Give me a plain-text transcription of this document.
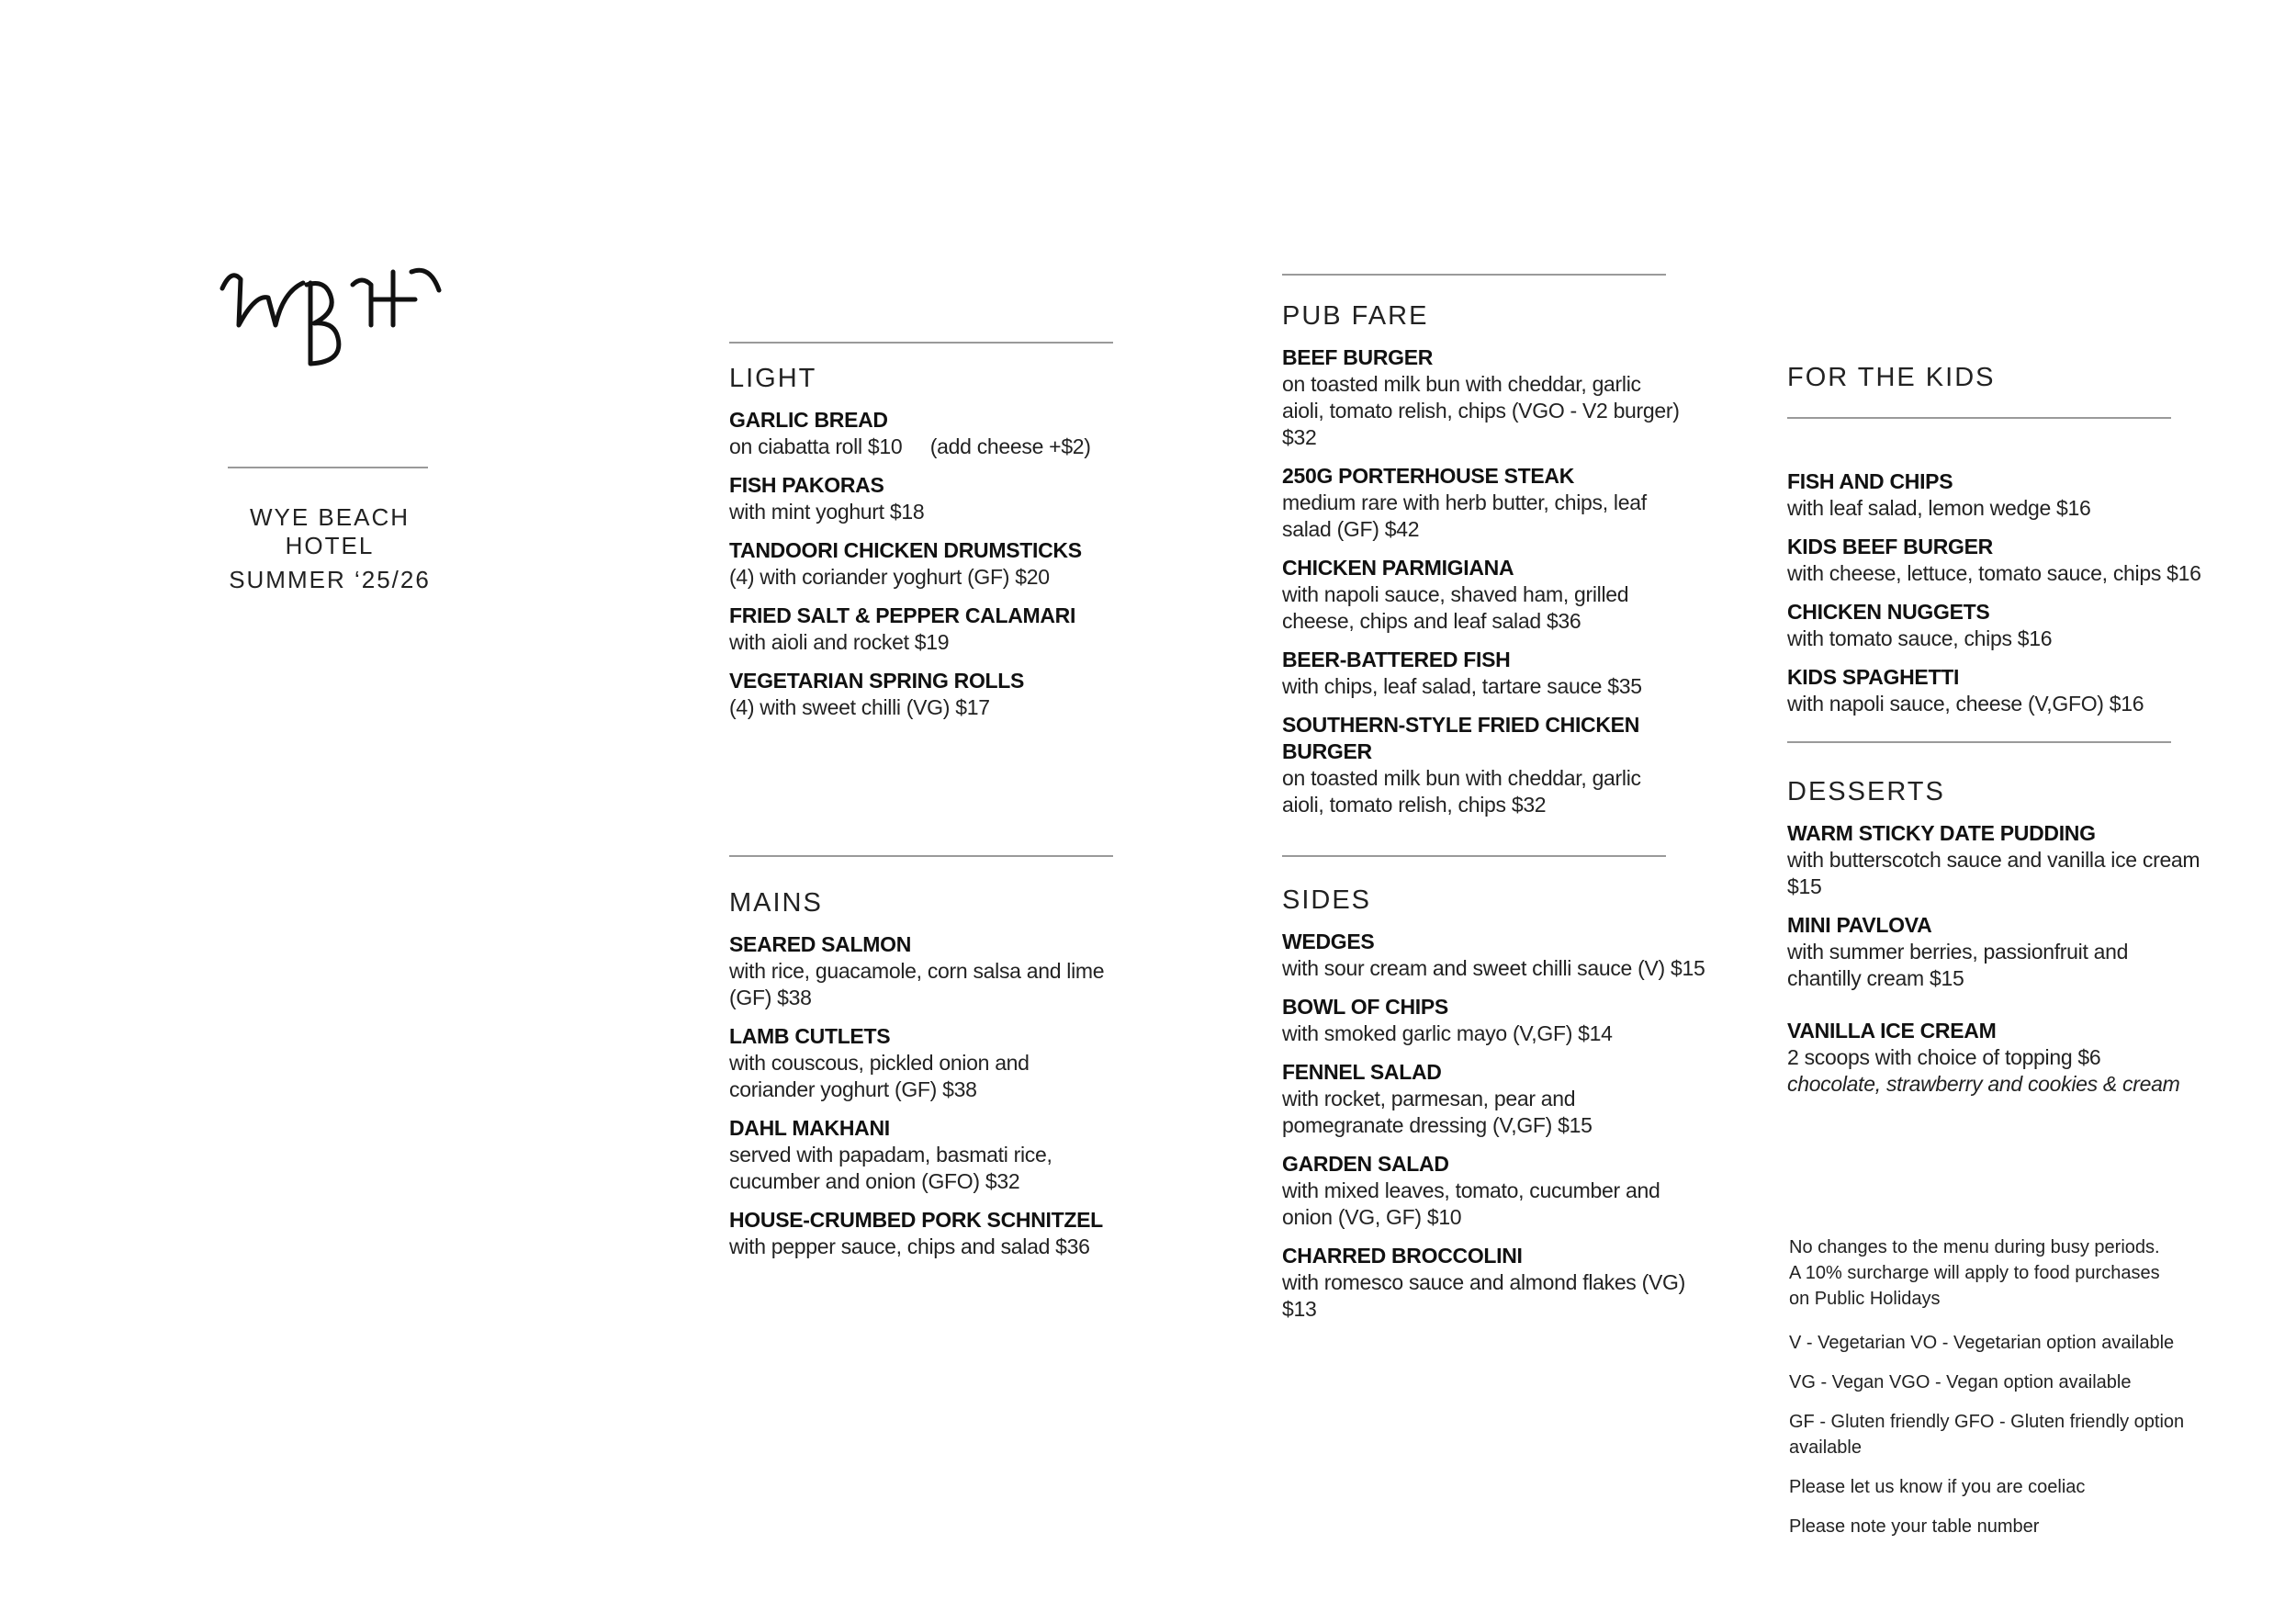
WYE BEACH HOTEL
SUMMER ‘25/26
LIGHT
GARLIC BREAD
on ciabatta roll $10     (add cheese +$2)
FISH PAKORAS
with mint yoghurt $18
TANDOORI CHICKEN DRUMSTICKS
(4) with coriander yoghurt (GF) $20
FRIED SALT & PEPPER CALAMARI
with aioli and rocket $19
VEGETARIAN SPRING ROLLS
(4) with sweet chilli (VG) $17
MAINS
SEARED SALMON
with rice, guacamole, corn salsa and lime (GF) $38
LAMB CUTLETS
with couscous, pickled onion and coriander yoghurt (GF) $38
DAHL MAKHANI
served with papadam, basmati rice, cucumber and onion (GFO) $32
HOUSE-CRUMBED PORK SCHNITZEL
with pepper sauce, chips and salad $36
PUB FARE
BEEF BURGER
on toasted milk bun with cheddar, garlic aioli, tomato relish, chips (VGO - V2 burger) $32
250G PORTERHOUSE STEAK
medium rare with herb butter, chips, leaf salad (GF) $42
CHICKEN PARMIGIANA
with napoli sauce, shaved ham, grilled cheese, chips and leaf salad $36
BEER-BATTERED FISH
with chips, leaf salad, tartare sauce $35
SOUTHERN-STYLE FRIED CHICKEN BURGER
on toasted milk bun with cheddar, garlic aioli, tomato relish, chips $32
SIDES
WEDGES
with sour cream and sweet chilli sauce (V) $15
BOWL OF CHIPS
with smoked garlic mayo (V,GF) $14
FENNEL SALAD
with rocket, parmesan, pear and pomegranate dressing (V,GF) $15
GARDEN SALAD
with mixed leaves, tomato, cucumber and onion (VG, GF) $10
CHARRED BROCCOLINI
with romesco sauce and almond flakes (VG) $13
FOR THE KIDS
FISH AND CHIPS
with leaf salad, lemon wedge $16
KIDS BEEF BURGER
with cheese, lettuce, tomato sauce, chips $16
CHICKEN NUGGETS
with tomato sauce, chips $16
KIDS SPAGHETTI
with napoli sauce, cheese (V,GFO) $16
DESSERTS
WARM STICKY DATE PUDDING
with butterscotch sauce and vanilla ice cream $15
MINI PAVLOVA
with summer berries, passionfruit and chantilly cream $15
VANILLA ICE CREAM
2 scoops with choice of topping $6
chocolate, strawberry and cookies & cream
No changes to the menu during busy periods.
A 10% surcharge will apply to food purchases
on Public Holidays
V - Vegetarian VO - Vegetarian option available
VG - Vegan VGO - Vegan option available
GF - Gluten friendly GFO - Gluten friendly option available
Please let us know if you are coeliac
Please note your table number
